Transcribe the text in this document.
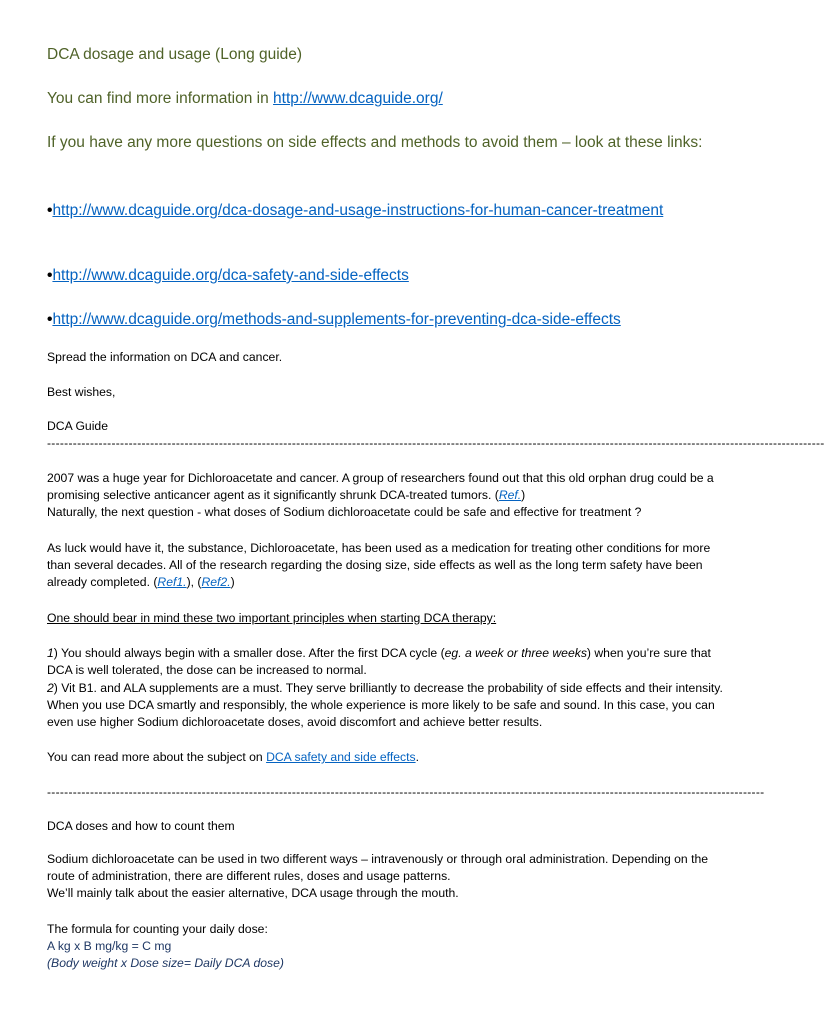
DCA dosage and usage (Long guide)
You can find more information in http://www.dcaguide.org/
If you have any more questions on side effects and methods to avoid them – look at these links:
•http://www.dcaguide.org/dca-dosage-and-usage-instructions-for-human-cancer-treatment
•http://www.dcaguide.org/dca-safety-and-side-effects
•http://www.dcaguide.org/methods-and-supplements-for-preventing-dca-side-effects
Spread the information on DCA and cancer.
Best wishes,
DCA Guide
-------------------------------------------------------------------------------------------------------------------------------------------------------------------------------------
2007 was a huge year for Dichloroacetate and cancer. A group of researchers found out that this old orphan drug could be a promising selective anticancer agent as it significantly shrunk DCA-treated tumors. (Ref.)
Naturally, the next question - what doses of Sodium dichloroacetate could be safe and effective for treatment ?
As luck would have it, the substance, Dichloroacetate, has been used as a medication for treating other conditions for more than several decades. All of the research regarding the dosing size, side effects as well as the long term safety have been already completed. (Ref1.), (Ref2.)
One should bear in mind these two important principles when starting DCA therapy:
1) You should always begin with a smaller dose. After the first DCA cycle (eg. a week or three weeks) when you’re sure that DCA is well tolerated, the dose can be increased to normal.
2) Vit B1. and ALA supplements are a must. They serve brilliantly to decrease the probability of side effects and their intensity. When you use DCA smartly and responsibly, the whole experience is more likely to be safe and sound. In this case, you can even use higher Sodium dichloroacetate doses, avoid discomfort and achieve better results.
You can read more about the subject on DCA safety and side effects.
-----------------------------------------------------------------------------------------------------------------------------------------------------------------------
DCA doses and how to count them
Sodium dichloroacetate can be used in two different ways – intravenously or through oral administration. Depending on the route of administration, there are different rules, doses and usage patterns.
We’ll mainly talk about the easier alternative, DCA usage through the mouth.
The formula for counting your daily dose:
A kg x B mg/kg = C mg
(Body weight x Dose size= Daily DCA dose)
